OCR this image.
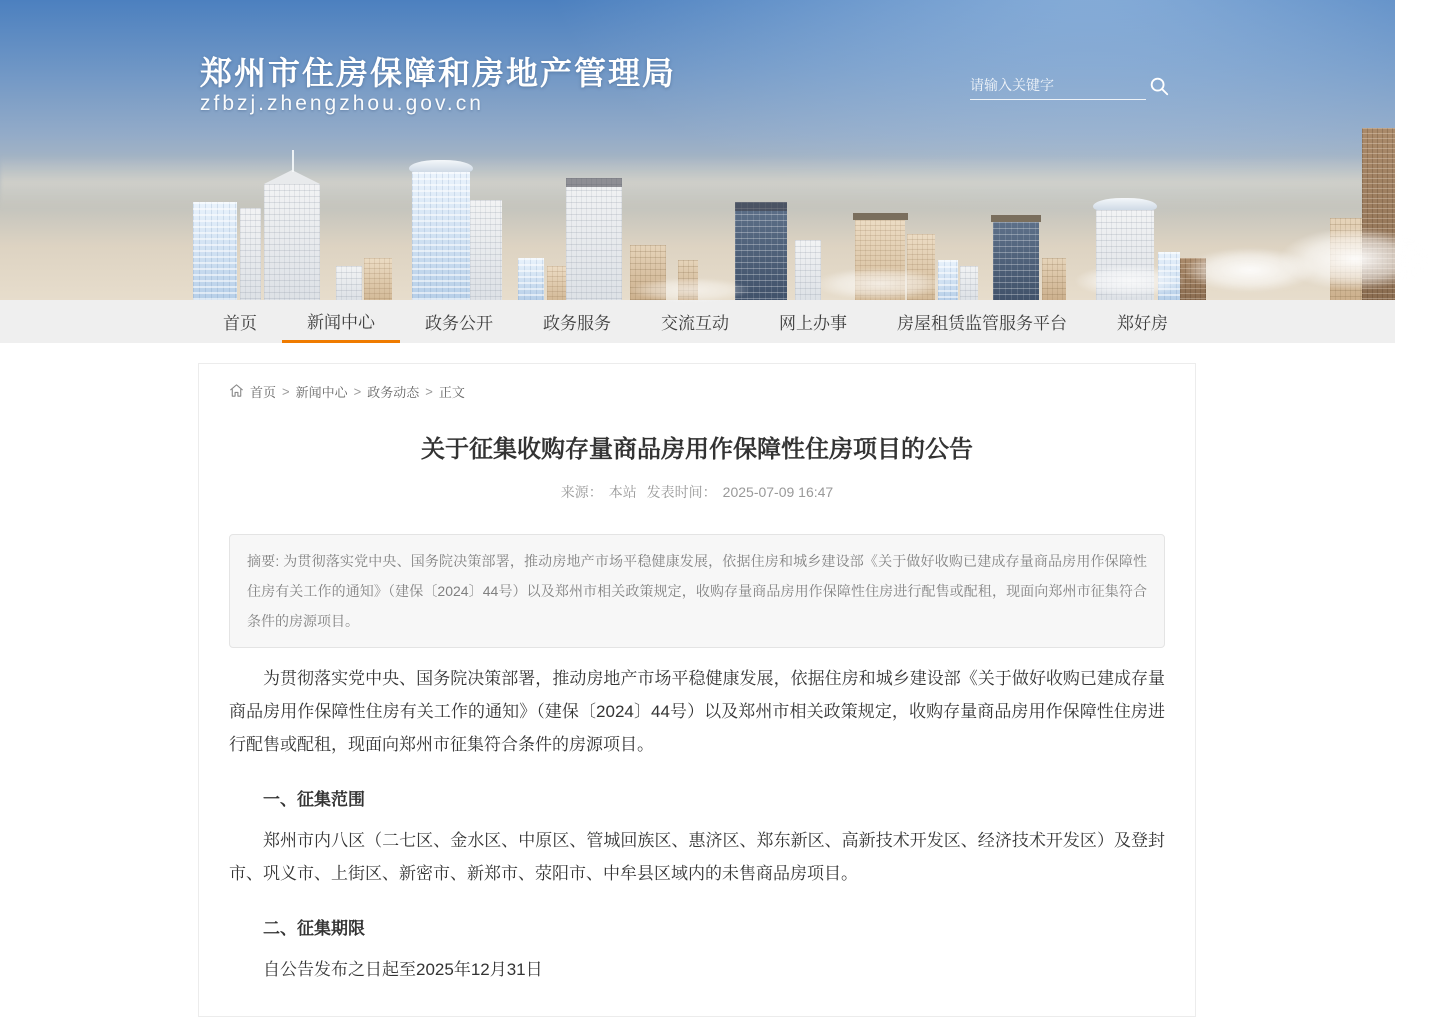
郑州市住房保障和房地产管理局
zfbzj.zhengzhou.gov.cn
请输入关键字
首页	新闻中心	政务公开	政务服务	交流互动	网上办事	房屋租赁监管服务平台	郑好房
首页 > 新闻中心 > 政务动态 > 正文
关于征集收购存量商品房用作保障性住房项目的公告
来源： 本站 发表时间： 2025-07-09 16:47
摘要: 为贯彻落实党中央、国务院决策部署，推动房地产市场平稳健康发展，依据住房和城乡建设部《关于做好收购已建成存量商品房用作保障性住房有关工作的通知》（建保〔2024〕44号）以及郑州市相关政策规定，收购存量商品房用作保障性住房进行配售或配租，现面向郑州市征集符合条件的房源项目。

为贯彻落实党中央、国务院决策部署，推动房地产市场平稳健康发展，依据住房和城乡建设部《关于做好收购已建成存量商品房用作保障性住房有关工作的通知》（建保〔2024〕44号）以及郑州市相关政策规定，收购存量商品房用作保障性住房进行配售或配租，现面向郑州市征集符合条件的房源项目。

一、征集范围

郑州市内八区（二七区、金水区、中原区、管城回族区、惠济区、郑东新区、高新技术开发区、经济技术开发区）及登封市、巩义市、上街区、新密市、新郑市、荥阳市、中牟县区域内的未售商品房项目。

二、征集期限

自公告发布之日起至2025年12月31日
